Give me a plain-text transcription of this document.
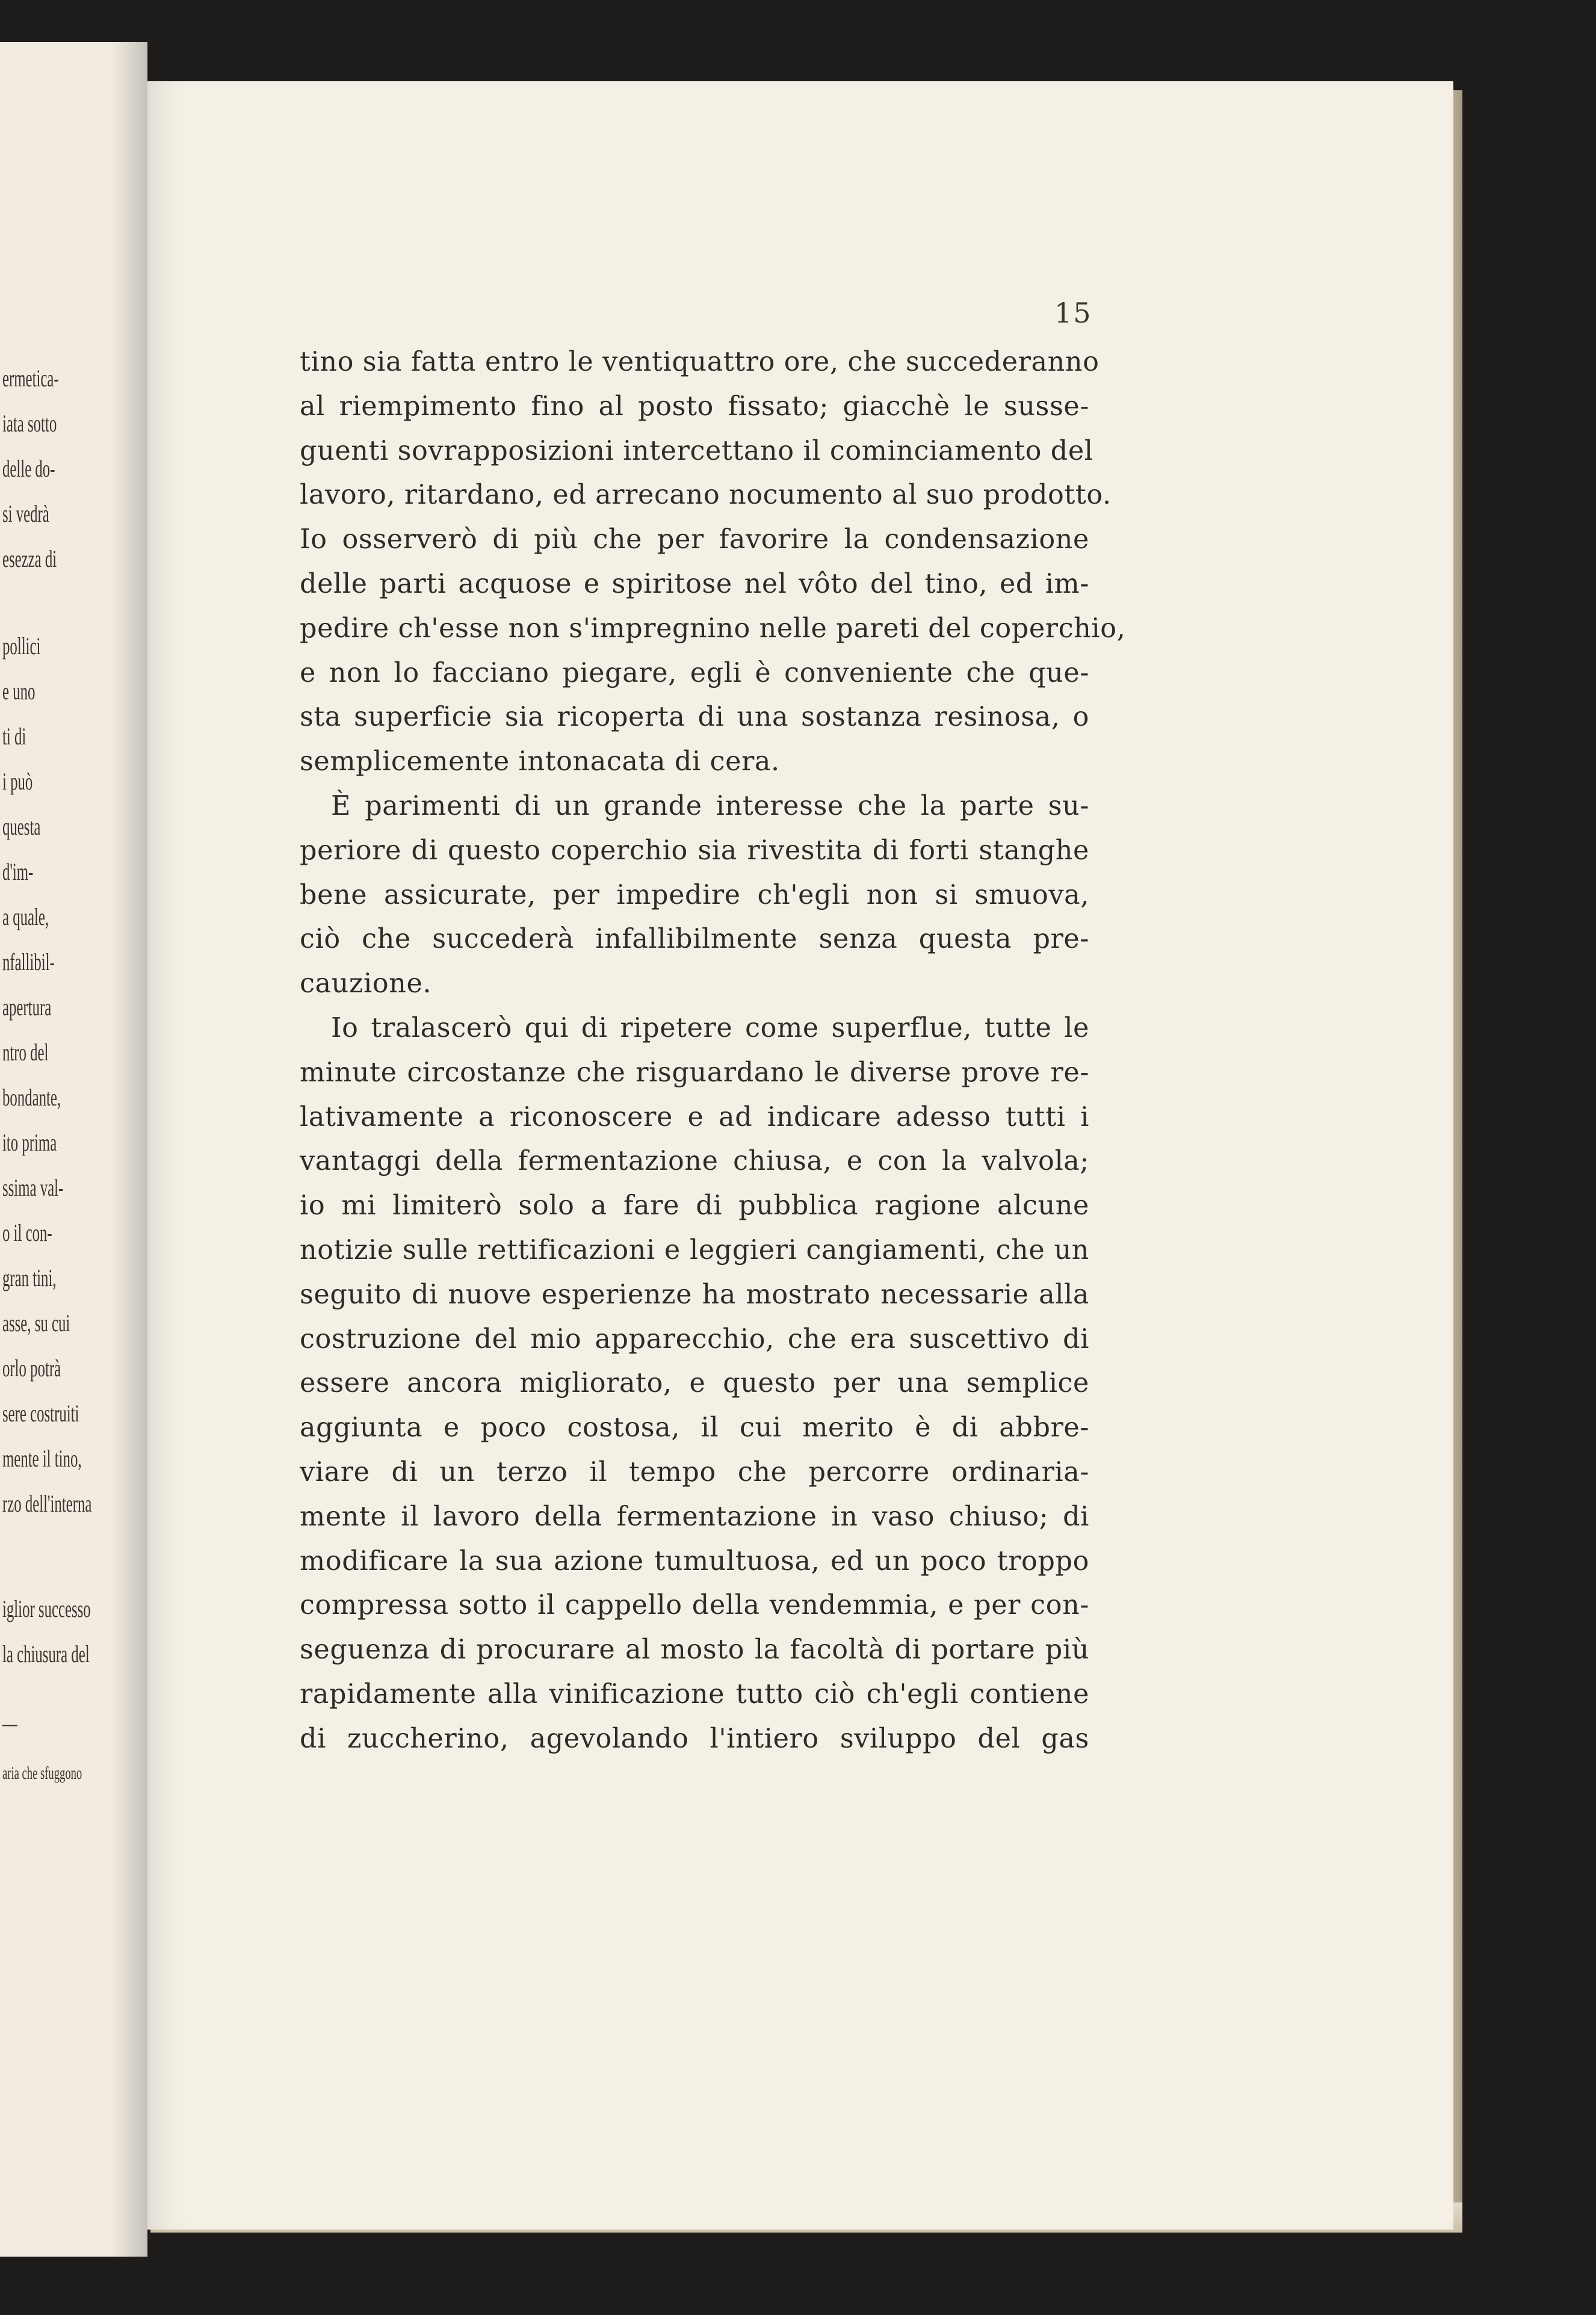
ermetica-
iata sotto
delle do-
si vedrà
esezza di
pollici
e uno
ti di
i può
questa
d'im-
a quale,
nfallibil-
apertura
ntro del
bondante,
ito prima
ssima val-
o il con-
gran tini,
asse, su cui
orlo potrà
sere costruiti
mente il tino,
rzo dell'interna
iglior successo
la chiusura del
—
aria che sfuggono
15
tino sia fatta entro le ventiquattro ore, che succederanno
al riempimento fino al posto fissato; giacchè le susse-
guenti sovrapposizioni intercettano il cominciamento del
lavoro, ritardano, ed arrecano nocumento al suo prodotto.
Io osserverò di più che per favorire la condensazione
delle parti acquose e spiritose nel vôto del tino, ed im-
pedire ch'esse non s'impregnino nelle pareti del coperchio,
e non lo facciano piegare, egli è conveniente che que-
sta superficie sia ricoperta di una sostanza resinosa, o
semplicemente intonacata di cera.
È parimenti di un grande interesse che la parte su-
periore di questo coperchio sia rivestita di forti stanghe
bene assicurate, per impedire ch'egli non si smuova,
ciò che succederà infallibilmente senza questa pre-
cauzione.
Io tralascerò qui di ripetere come superflue, tutte le
minute circostanze che risguardano le diverse prove re-
lativamente a riconoscere e ad indicare adesso tutti i
vantaggi della fermentazione chiusa, e con la valvola;
io mi limiterò solo a fare di pubblica ragione alcune
notizie sulle rettificazioni e leggieri cangiamenti, che un
seguito di nuove esperienze ha mostrato necessarie alla
costruzione del mio apparecchio, che era suscettivo di
essere ancora migliorato, e questo per una semplice
aggiunta e poco costosa, il cui merito è di abbre-
viare di un terzo il tempo che percorre ordinaria-
mente il lavoro della fermentazione in vaso chiuso; di
modificare la sua azione tumultuosa, ed un poco troppo
compressa sotto il cappello della vendemmia, e per con-
seguenza di procurare al mosto la facoltà di portare più
rapidamente alla vinificazione tutto ciò ch'egli contiene
di zuccherino, agevolando l'intiero sviluppo del gas
